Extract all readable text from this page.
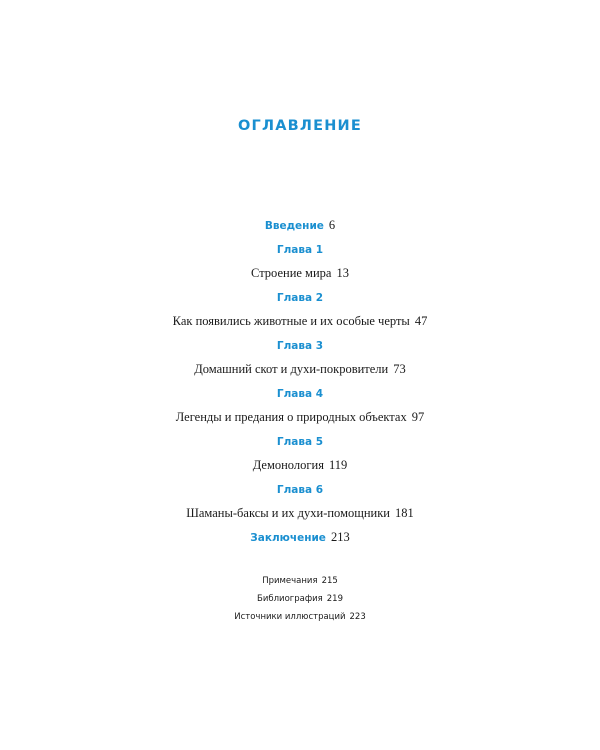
ОГЛАВЛЕНИЕ
Введение 6
Глава 1
Строение мира 13
Глава 2
Как появились животные и их особые черты 47
Глава 3
Домашний скот и духи-покровители 73
Глава 4
Легенды и предания о природных объектах 97
Глава 5
Демонология 119
Глава 6
Шаманы-баксы и их духи-помощники 181
Заключение 213
Примечания 215
Библиография 219
Источники иллюстраций 223
